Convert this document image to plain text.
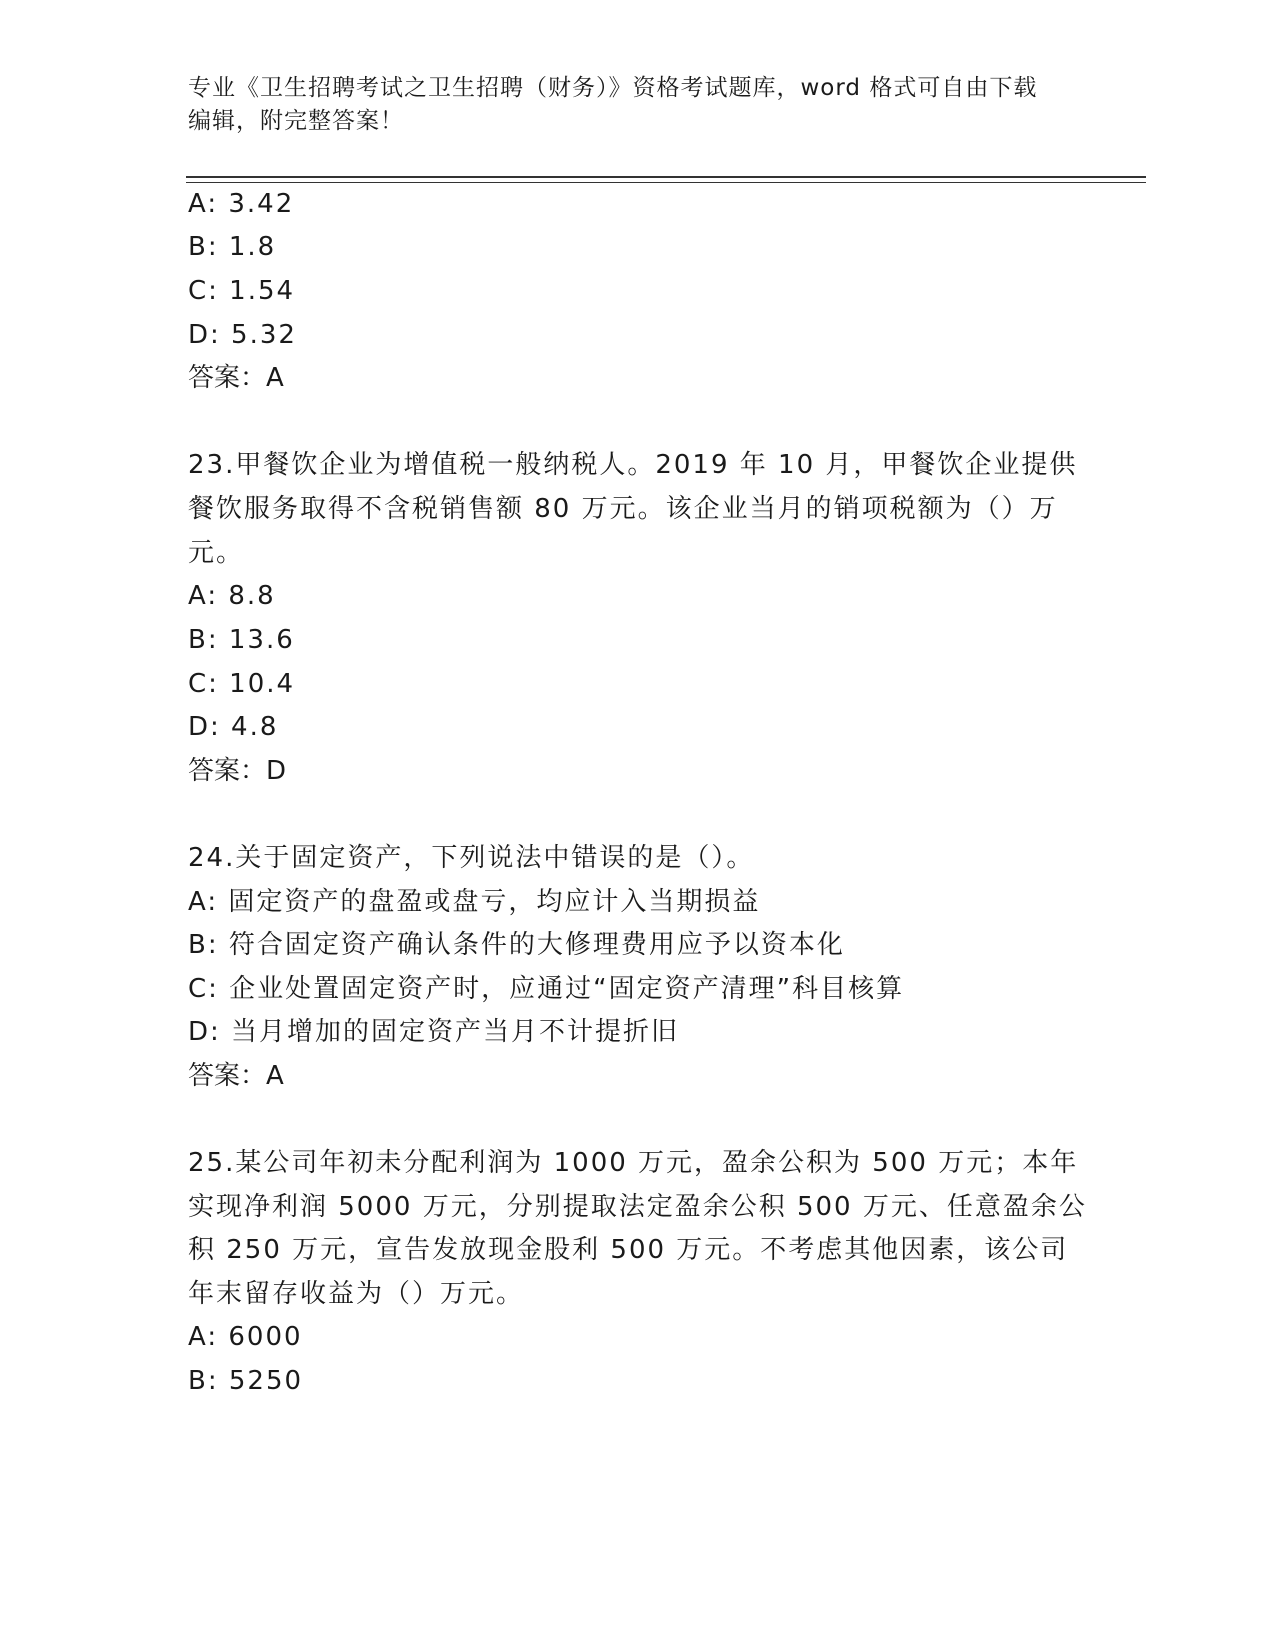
专业《卫生招聘考试之卫生招聘（财务）》资格考试题库，word 格式可自由下载
编辑，附完整答案！
A: 3.42
B: 1.8
C: 1.54
D: 5.32
答案：A
23.甲餐饮企业为增值税一般纳税人。2019 年 10 月，甲餐饮企业提供
餐饮服务取得不含税销售额 80 万元。该企业当月的销项税额为（）万
元。
A: 8.8
B: 13.6
C: 10.4
D: 4.8
答案：D
24.关于固定资产，下列说法中错误的是（）。
A: 固定资产的盘盈或盘亏，均应计入当期损益
B: 符合固定资产确认条件的大修理费用应予以资本化
C: 企业处置固定资产时，应通过“固定资产清理”科目核算
D: 当月增加的固定资产当月不计提折旧
答案：A
25.某公司年初未分配利润为 1000 万元，盈余公积为 500 万元；本年
实现净利润 5000 万元，分别提取法定盈余公积 500 万元、任意盈余公
积 250 万元，宣告发放现金股利 500 万元。不考虑其他因素，该公司
年末留存收益为（）万元。
A: 6000
B: 5250
